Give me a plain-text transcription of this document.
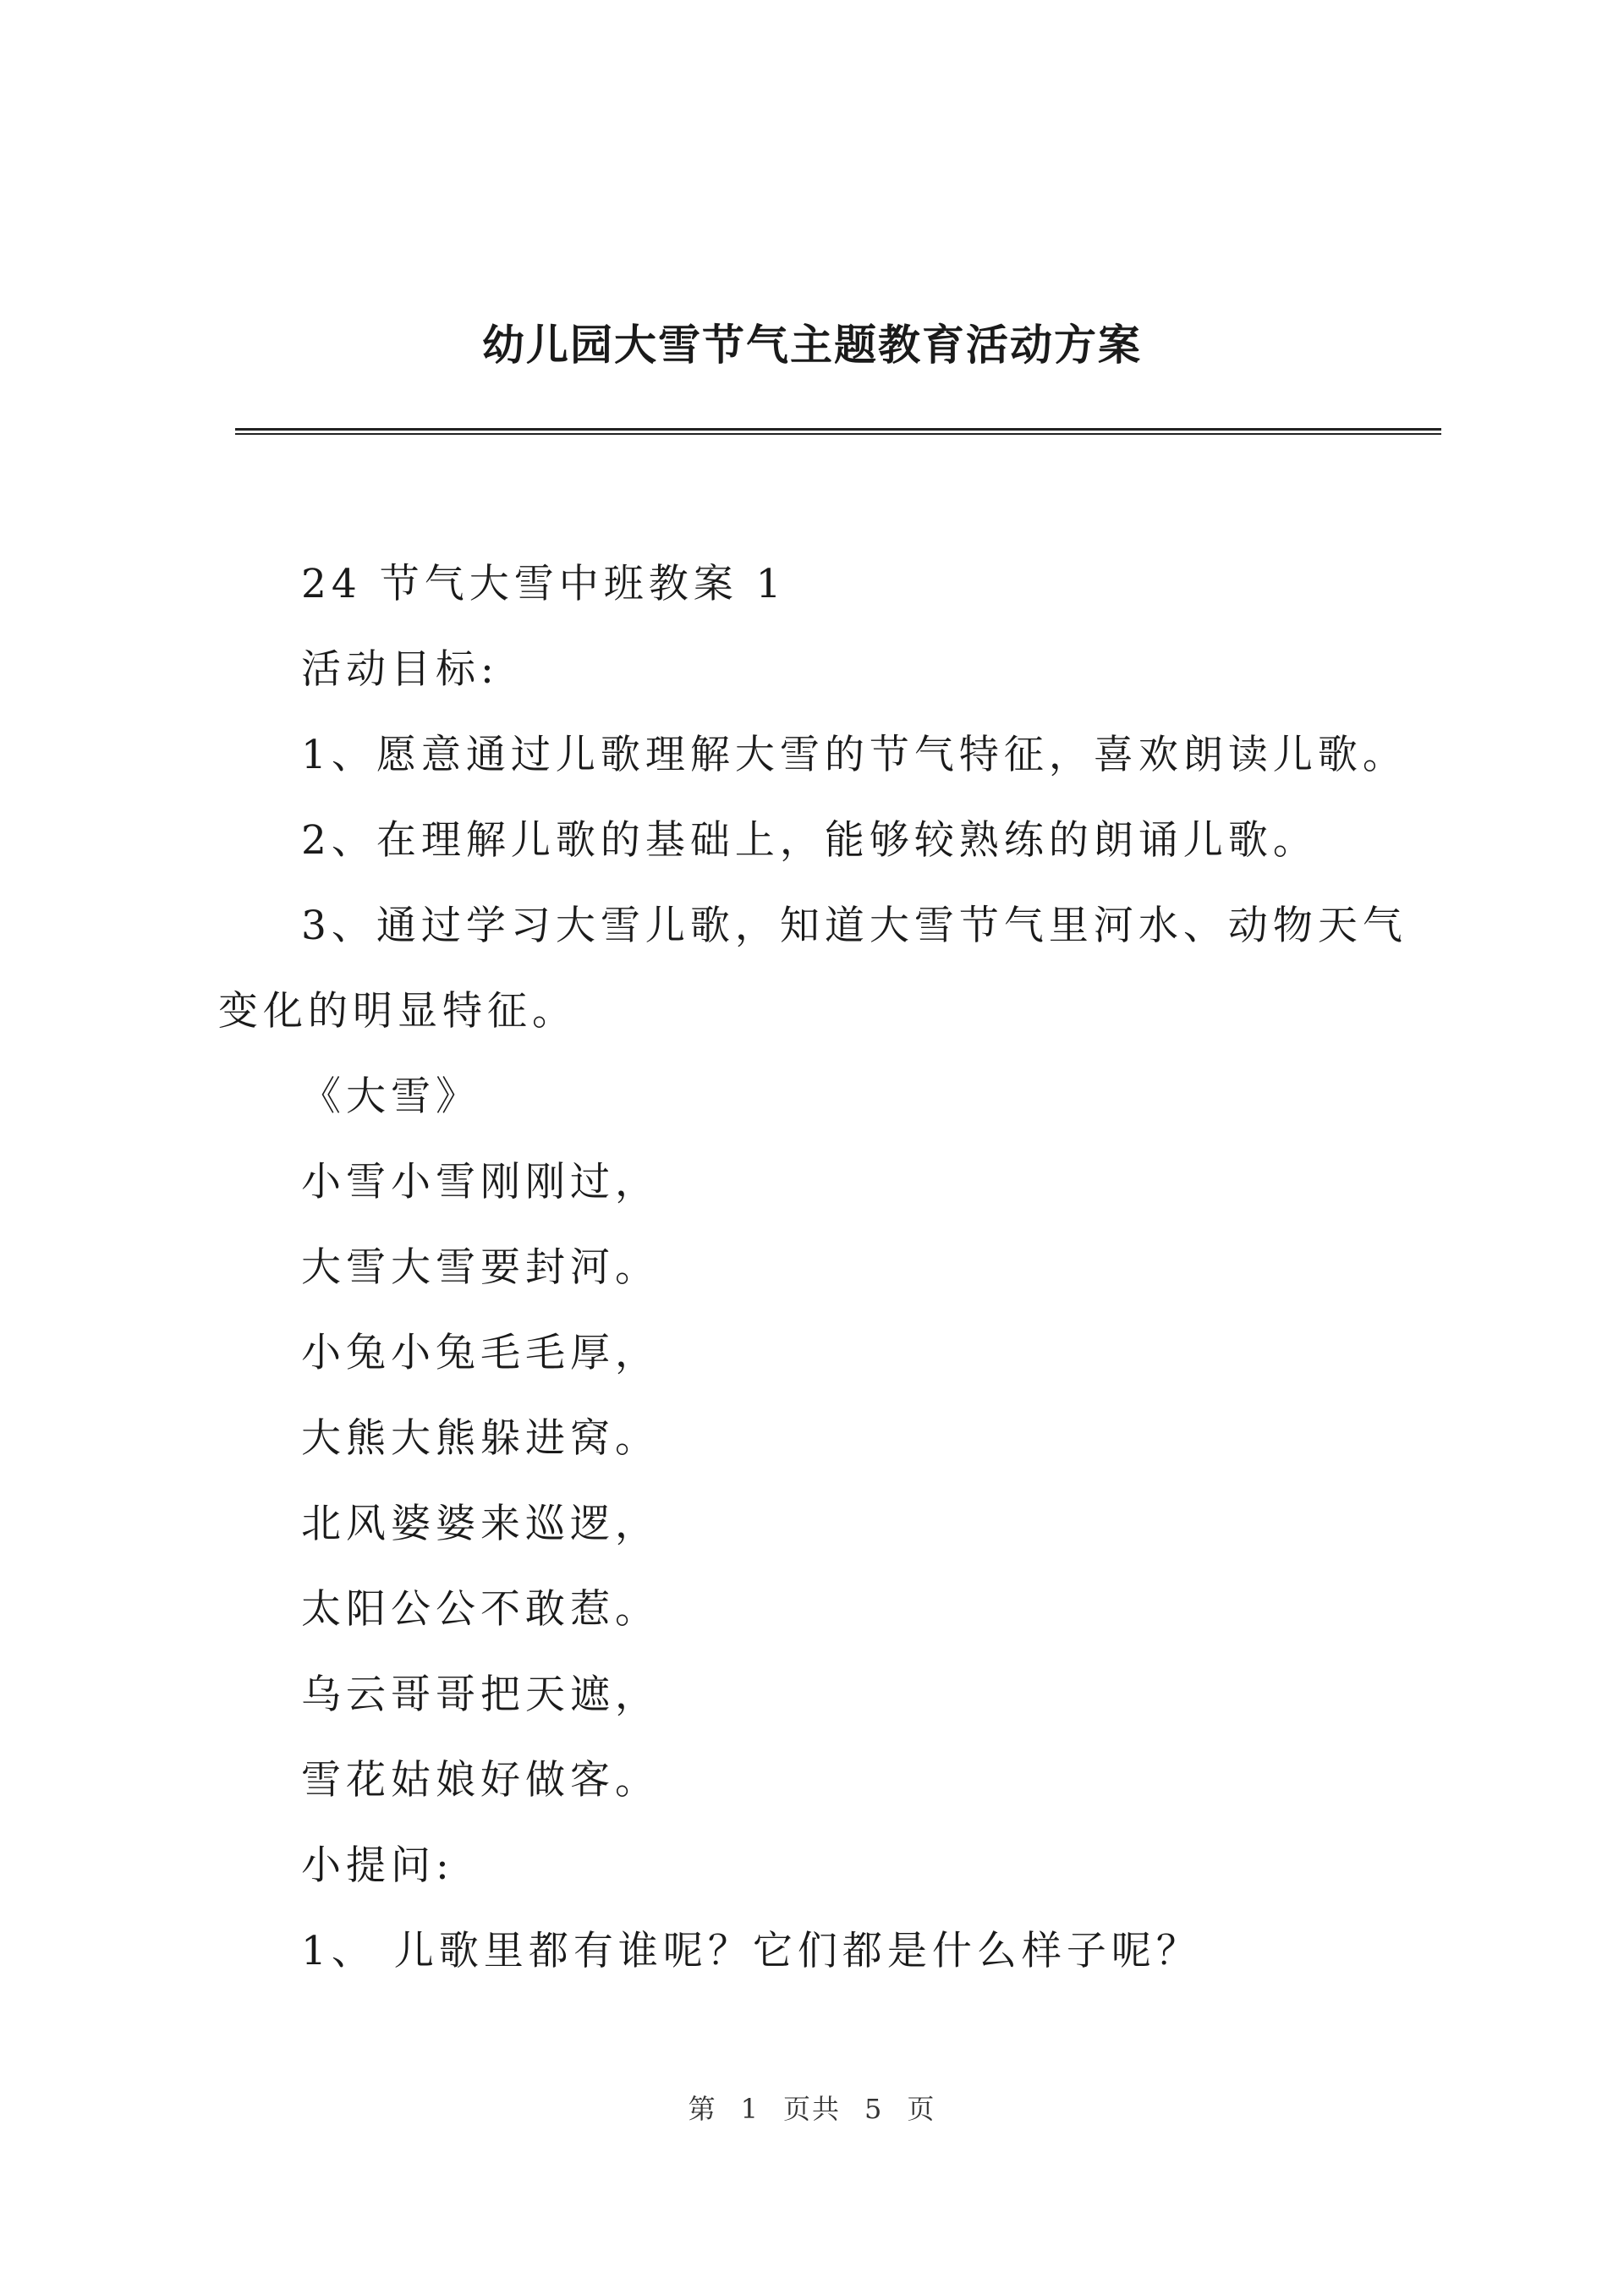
幼儿园大雪节气主题教育活动方案

24 节气大雪中班教案 1

活动目标:

1、愿意通过儿歌理解大雪的节气特征，喜欢朗读儿歌。

2、在理解儿歌的基础上，能够较熟练的朗诵儿歌。

3、通过学习大雪儿歌，知道大雪节气里河水、动物天气变化的明显特征。

《大雪》

小雪小雪刚刚过，

大雪大雪要封河。

小兔小兔毛毛厚，

大熊大熊躲进窝。

北风婆婆来巡逻，

太阳公公不敢惹。

乌云哥哥把天遮，

雪花姑娘好做客。

小提问:

1、 儿歌里都有谁呢？它们都是什么样子呢？

第 1 页共 5 页
